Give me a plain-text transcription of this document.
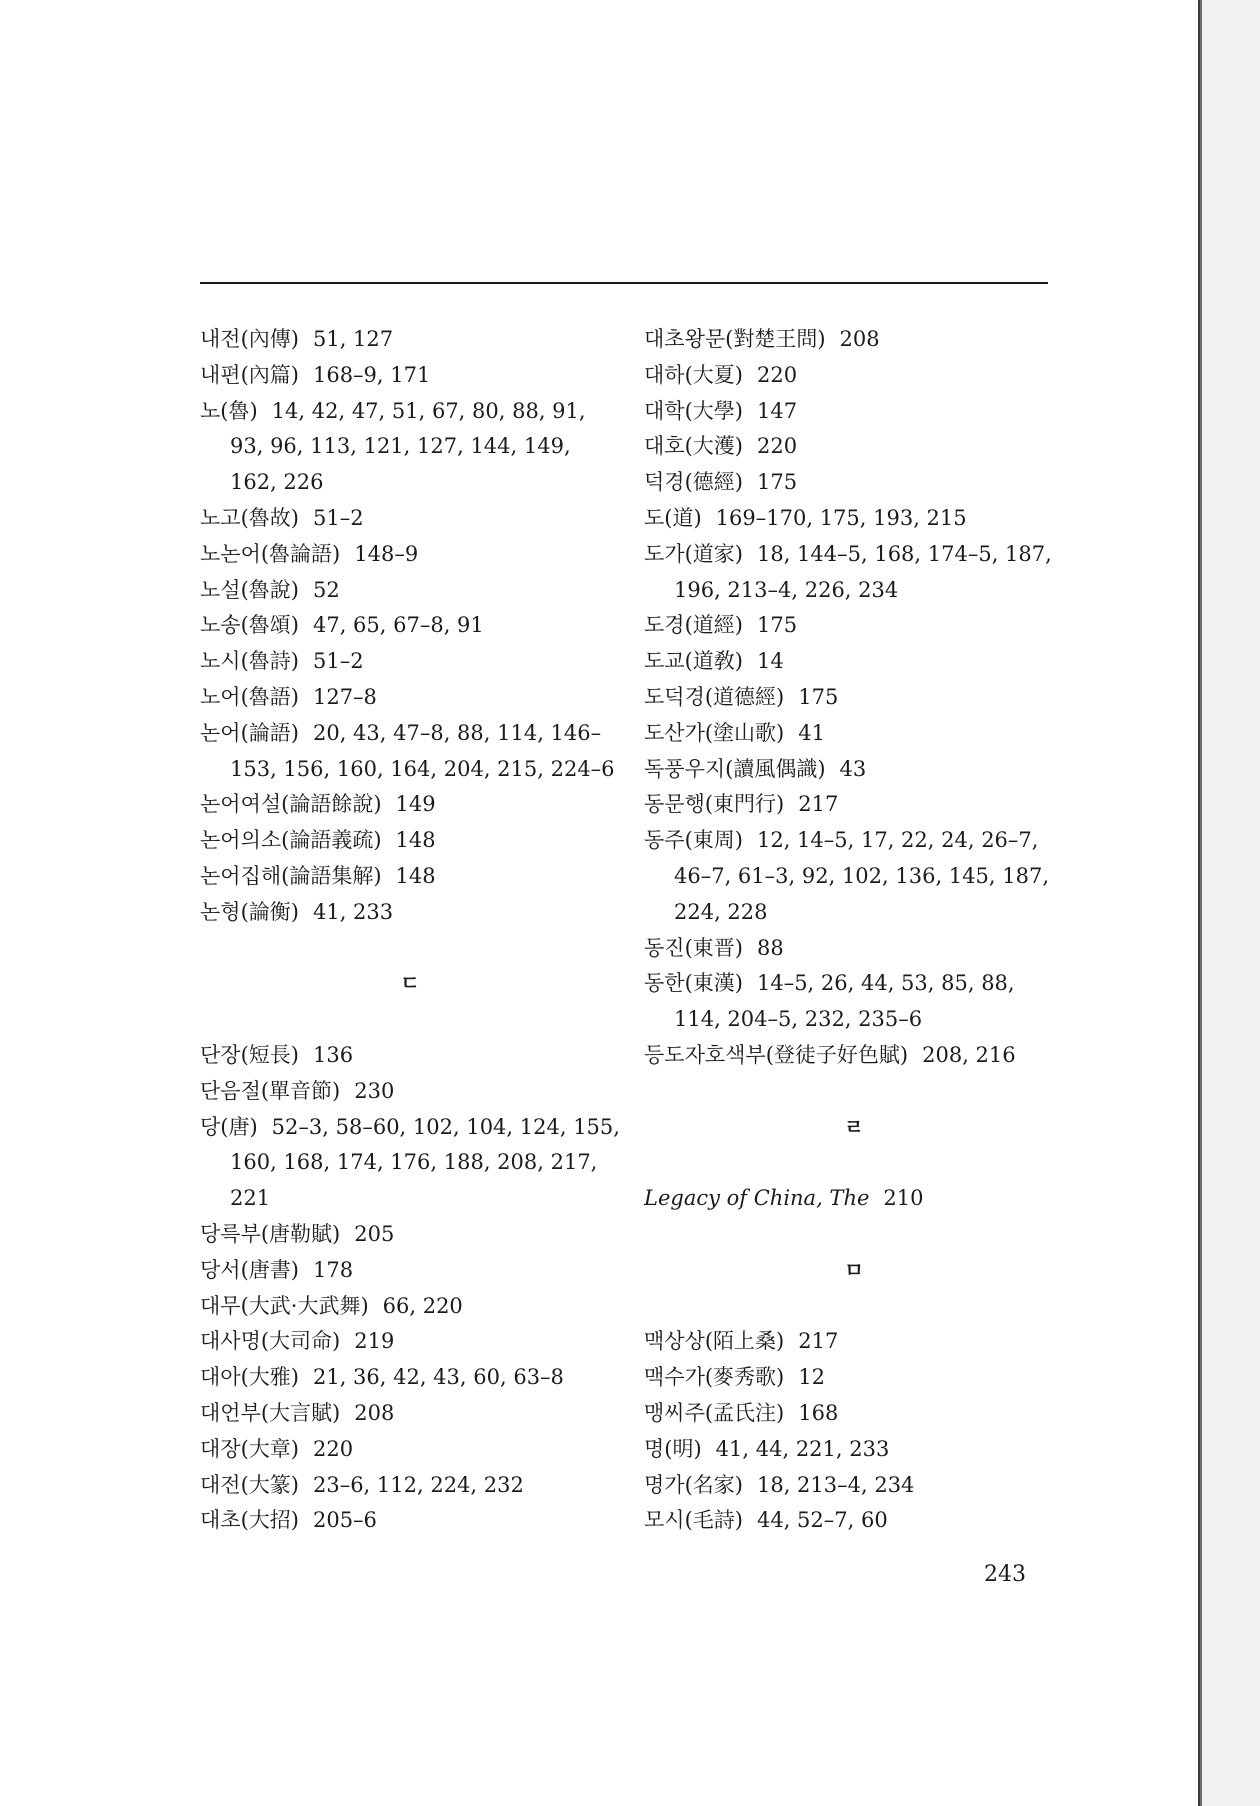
내전(內傳) 51, 127
내편(內篇) 168–9, 171
노(魯) 14, 42, 47, 51, 67, 80, 88, 91, 93, 96, 113, 121, 127, 144, 149, 162, 226
노고(魯故) 51–2
노논어(魯論語) 148–9
노설(魯說) 52
노송(魯頌) 47, 65, 67–8, 91
노시(魯詩) 51–2
노어(魯語) 127–8
논어(論語) 20, 43, 47–8, 88, 114, 146–153, 156, 160, 164, 204, 215, 224–6
논어여설(論語餘說) 149
논어의소(論語義疏) 148
논어집해(論語集解) 148
논형(論衡) 41, 233
ㄷ
단장(短長) 136
단음절(單音節) 230
당(唐) 52–3, 58–60, 102, 104, 124, 155, 160, 168, 174, 176, 188, 208, 217, 221
당륵부(唐勒賦) 205
당서(唐書) 178
대무(大武·大武舞) 66, 220
대사명(大司命) 219
대아(大雅) 21, 36, 42, 43, 60, 63–8
대언부(大言賦) 208
대장(大章) 220
대전(大篆) 23–6, 112, 224, 232
대초(大招) 205–6
대초왕문(對楚王問) 208
대하(大夏) 220
대학(大學) 147
대호(大濩) 220
덕경(德經) 175
도(道) 169–170, 175, 193, 215
도가(道家) 18, 144–5, 168, 174–5, 187, 196, 213–4, 226, 234
도경(道經) 175
도교(道敎) 14
도덕경(道德經) 175
도산가(塗山歌) 41
독풍우지(讀風偶識) 43
동문행(東門行) 217
동주(東周) 12, 14–5, 17, 22, 24, 26–7, 46–7, 61–3, 92, 102, 136, 145, 187, 224, 228
동진(東晋) 88
동한(東漢) 14–5, 26, 44, 53, 85, 88, 114, 204–5, 232, 235–6
등도자호색부(登徒子好色賦) 208, 216
ㄹ
Legacy of China, The 210
ㅁ
맥상상(陌上桑) 217
맥수가(麥秀歌) 12
맹씨주(孟氏注) 168
명(明) 41, 44, 221, 233
명가(名家) 18, 213–4, 234
모시(毛詩) 44, 52–7, 60
243
